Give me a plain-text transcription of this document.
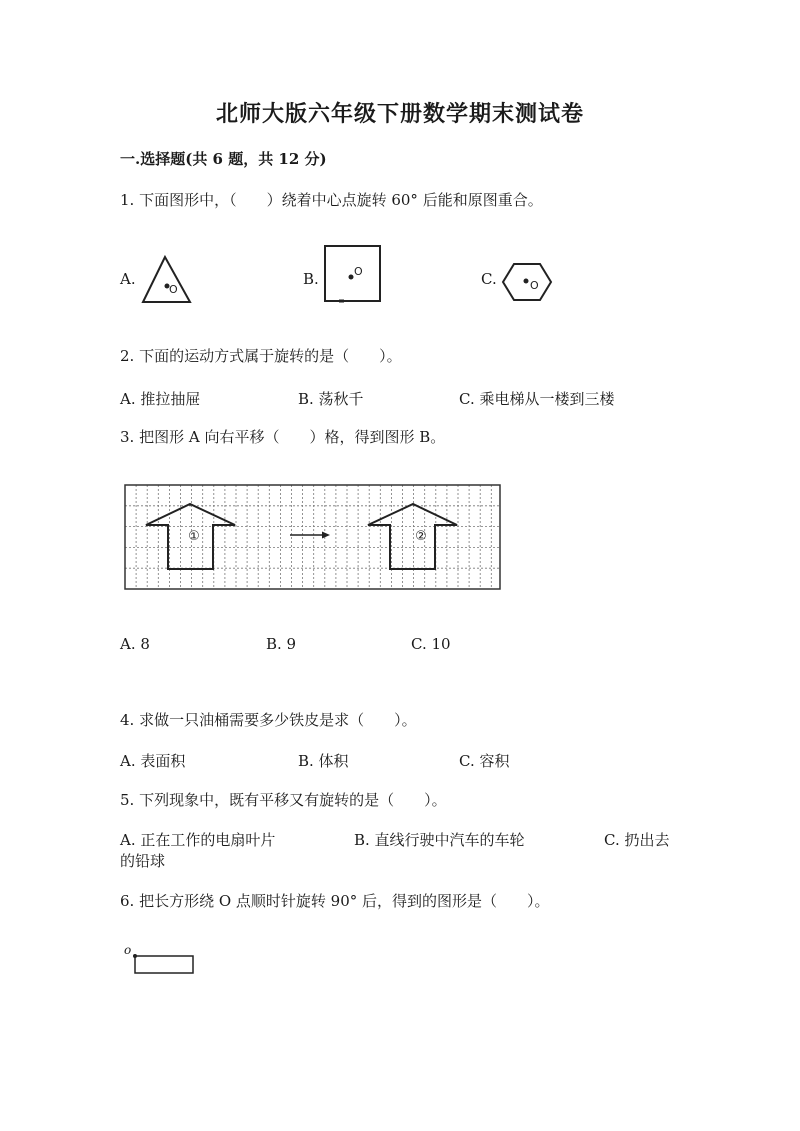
北师大版六年级下册数学期末测试卷
一.选择题(共 6 题，共 12 分)
1. 下面图形中，（　　）绕着中心点旋转 60° 后能和原图重合。
A.	B.	C.
O
O
O
2. 下面的运动方式属于旋转的是（　　）。
A. 推拉抽屉	B. 荡秋千	C. 乘电梯从一楼到三楼
3. 把图形 A 向右平移（　　）格，得到图形 B。
①	②
A. 8	B. 9	C. 10
4. 求做一只油桶需要多少铁皮是求（　　）。
A. 表面积	B. 体积	C. 容积
5. 下列现象中，既有平移又有旋转的是（　　）。
A. 正在工作的电扇叶片	B. 直线行驶中汽车的车轮	C. 扔出去
的铅球
6. 把长方形绕 O 点顺时针旋转 90° 后，得到的图形是（　　）。
o
